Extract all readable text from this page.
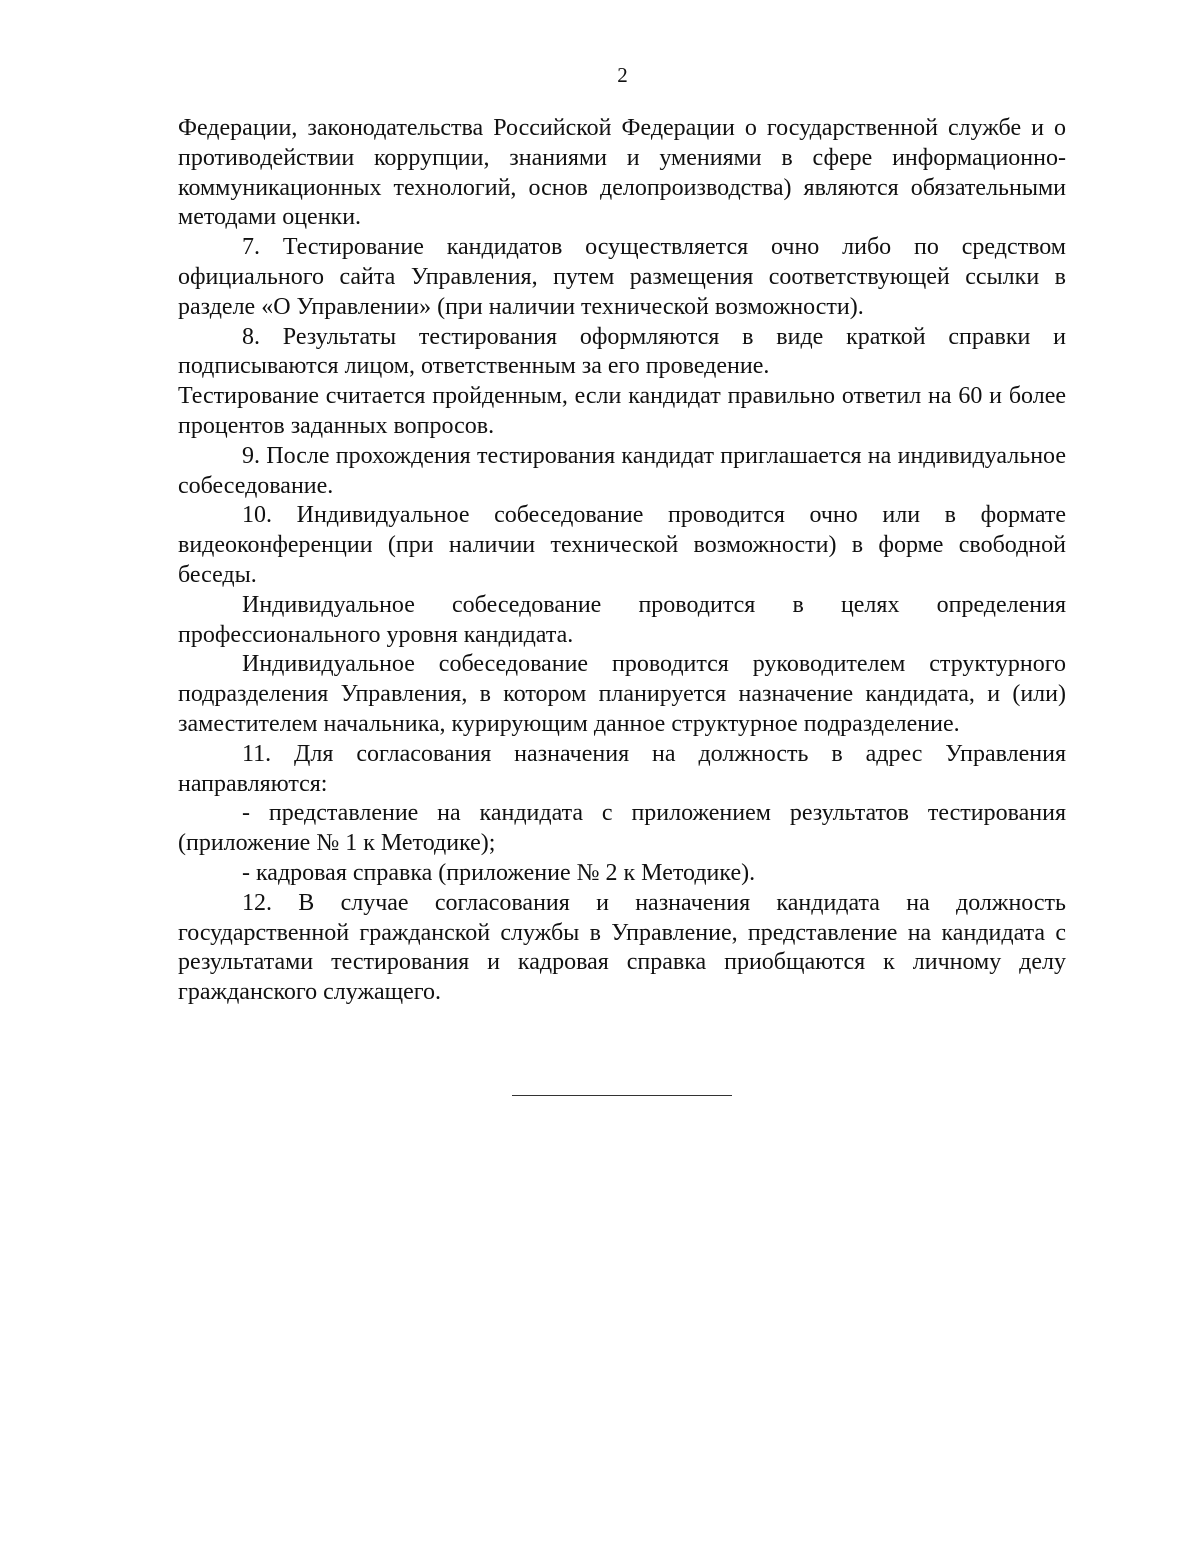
2

Федерации, законодательства Российской Федерации о государственной службе и о противодействии коррупции, знаниями и умениями в сфере информационно-коммуникационных технологий, основ делопроизводства) являются обязательными методами оценки.

7. Тестирование кандидатов осуществляется очно либо по средством официального сайта Управления, путем размещения соответствующей ссылки в разделе «О Управлении» (при наличии технической возможности).

8. Результаты тестирования оформляются в виде краткой справки и подписываются лицом, ответственным за его проведение.

Тестирование считается пройденным, если кандидат правильно ответил на 60 и более процентов заданных вопросов.

9. После прохождения тестирования кандидат приглашается на индивидуальное собеседование.

10. Индивидуальное собеседование проводится очно или в формате видеоконференции (при наличии технической возможности) в форме свободной беседы.

Индивидуальное собеседование проводится в целях определения профессионального уровня кандидата.

Индивидуальное собеседование проводится руководителем структурного подразделения Управления, в котором планируется назначение кандидата, и (или) заместителем начальника, курирующим данное структурное подразделение.

11. Для согласования назначения на должность в адрес Управления направляются:

- представление на кандидата с приложением результатов тестирования (приложение № 1 к Методике);

- кадровая справка (приложение № 2 к Методике).

12. В случае согласования и назначения кандидата на должность государственной гражданской службы в Управление, представление на кандидата с результатами тестирования и кадровая справка приобщаются к личному делу гражданского служащего.
